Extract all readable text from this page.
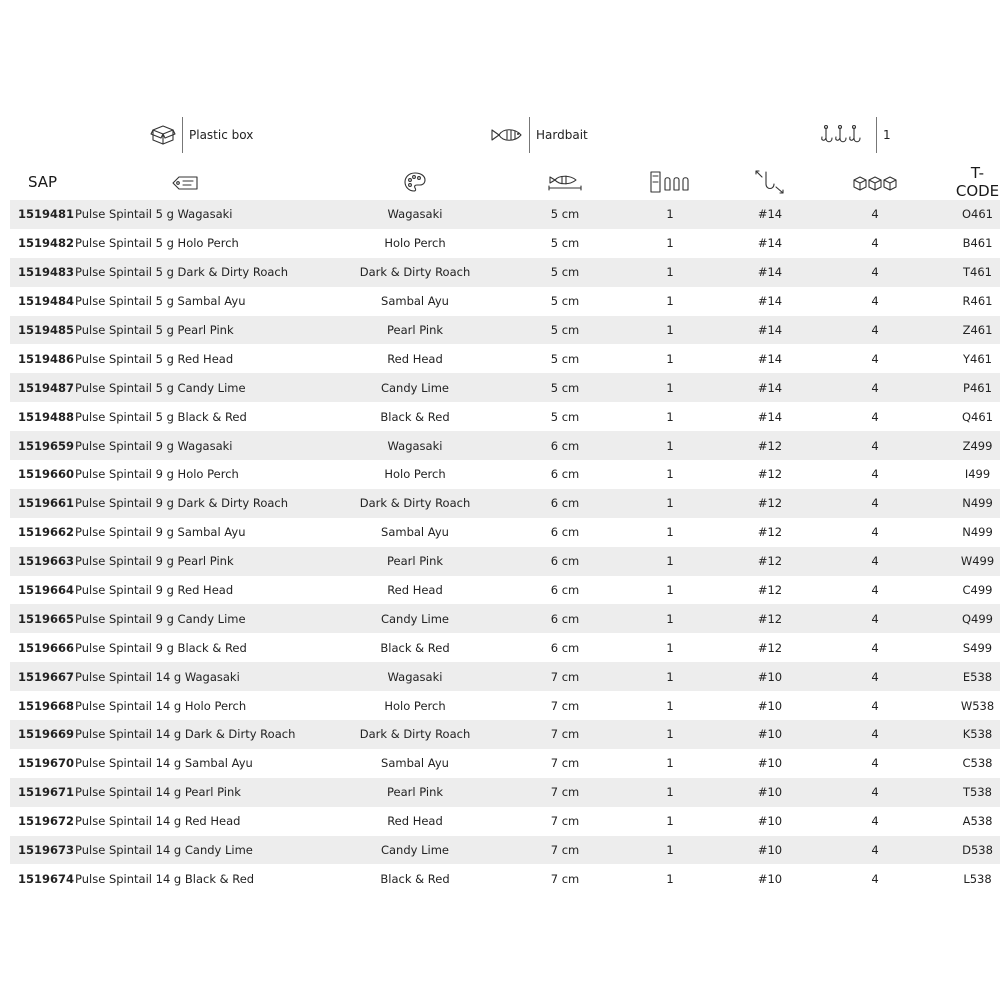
Plastic box	Hardbait	1
SAP							T-CODE
1519481	Pulse Spintail 5 g Wagasaki	Wagasaki	5 cm	1	#14	4	O461
1519482	Pulse Spintail 5 g Holo Perch	Holo Perch	5 cm	1	#14	4	B461
1519483	Pulse Spintail 5 g Dark & Dirty Roach	Dark & Dirty Roach	5 cm	1	#14	4	T461
1519484	Pulse Spintail 5 g Sambal Ayu	Sambal Ayu	5 cm	1	#14	4	R461
1519485	Pulse Spintail 5 g Pearl Pink	Pearl Pink	5 cm	1	#14	4	Z461
1519486	Pulse Spintail 5 g Red Head	Red Head	5 cm	1	#14	4	Y461
1519487	Pulse Spintail 5 g Candy Lime	Candy Lime	5 cm	1	#14	4	P461
1519488	Pulse Spintail 5 g Black & Red	Black & Red	5 cm	1	#14	4	Q461
1519659	Pulse Spintail 9 g Wagasaki	Wagasaki	6 cm	1	#12	4	Z499
1519660	Pulse Spintail 9 g Holo Perch	Holo Perch	6 cm	1	#12	4	I499
1519661	Pulse Spintail 9 g Dark & Dirty Roach	Dark & Dirty Roach	6 cm	1	#12	4	N499
1519662	Pulse Spintail 9 g Sambal Ayu	Sambal Ayu	6 cm	1	#12	4	N499
1519663	Pulse Spintail 9 g Pearl Pink	Pearl Pink	6 cm	1	#12	4	W499
1519664	Pulse Spintail 9 g Red Head	Red Head	6 cm	1	#12	4	C499
1519665	Pulse Spintail 9 g Candy Lime	Candy Lime	6 cm	1	#12	4	Q499
1519666	Pulse Spintail 9 g Black & Red	Black & Red	6 cm	1	#12	4	S499
1519667	Pulse Spintail 14 g Wagasaki	Wagasaki	7 cm	1	#10	4	E538
1519668	Pulse Spintail 14 g Holo Perch	Holo Perch	7 cm	1	#10	4	W538
1519669	Pulse Spintail 14 g Dark & Dirty Roach	Dark & Dirty Roach	7 cm	1	#10	4	K538
1519670	Pulse Spintail 14 g Sambal Ayu	Sambal Ayu	7 cm	1	#10	4	C538
1519671	Pulse Spintail 14 g Pearl Pink	Pearl Pink	7 cm	1	#10	4	T538
1519672	Pulse Spintail 14 g Red Head	Red Head	7 cm	1	#10	4	A538
1519673	Pulse Spintail 14 g Candy Lime	Candy Lime	7 cm	1	#10	4	D538
1519674	Pulse Spintail 14 g Black & Red	Black & Red	7 cm	1	#10	4	L538
